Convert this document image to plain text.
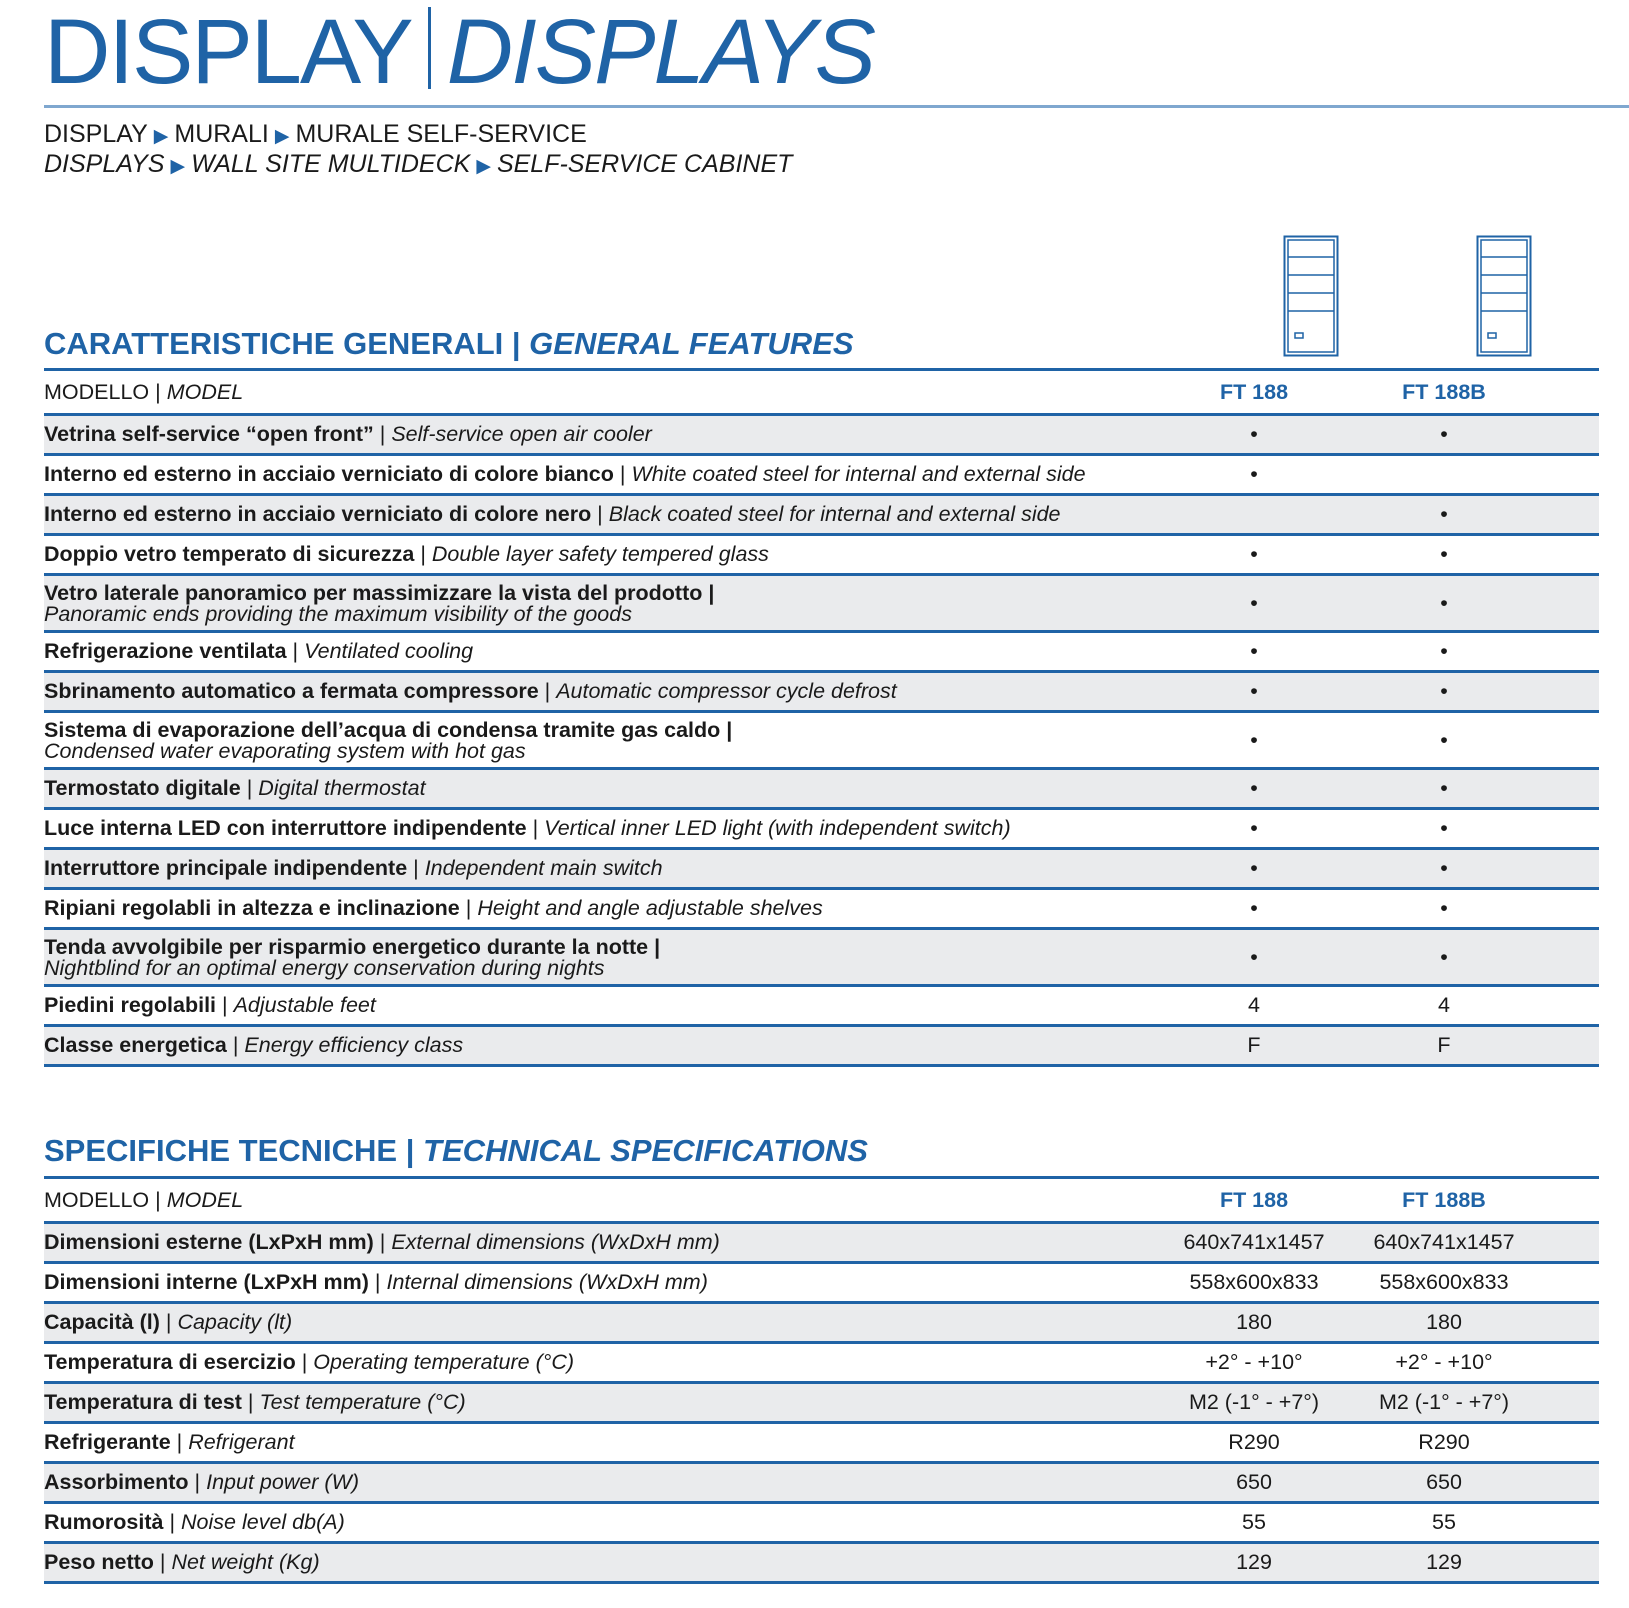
DISPLAY DISPLAYS
DISPLAY ▶ MURALI ▶ MURALE SELF-SERVICE
DISPLAYS ▶ WALL SITE MULTIDECK ▶ SELF-SERVICE CABINET
CARATTERISTICHE GENERALI | GENERAL FEATURES
MODELLO | MODEL	FT 188	FT 188B	
Vetrina self-service “open front” | Self-service open air cooler	•	•	
Interno ed esterno in acciaio verniciato di colore bianco | White coated steel for internal and external side	•		
Interno ed esterno in acciaio verniciato di colore nero | Black coated steel for internal and external side		•	
Doppio vetro temperato di sicurezza | Double layer safety tempered glass	•	•	

Vetro laterale panoramico per massimizzare la vista del prodotto |
Panoramic ends providing the maximum visibility of the goods	•	•	
Refrigerazione ventilata | Ventilated cooling	•	•	
Sbrinamento automatico a fermata compressore | Automatic compressor cycle defrost	•	•	

Sistema di evaporazione dell’acqua di condensa tramite gas caldo |
Condensed water evaporating system with hot gas	•	•	
Termostato digitale | Digital thermostat	•	•	
Luce interna LED con interruttore indipendente | Vertical inner LED light (with independent switch)	•	•	
Interruttore principale indipendente | Independent main switch	•	•	
Ripiani regolabli in altezza e inclinazione | Height and angle adjustable shelves	•	•	

Tenda avvolgibile per risparmio energetico durante la notte |
Nightblind for an optimal energy conservation during nights	•	•	
Piedini regolabili | Adjustable feet	4	4	
Classe energetica | Energy efficiency class	F	F	
SPECIFICHE TECNICHE | TECHNICAL SPECIFICATIONS
MODELLO | MODEL	FT 188	FT 188B	
Dimensioni esterne (LxPxH mm) | External dimensions (WxDxH mm)	640x741x1457	640x741x1457	
Dimensioni interne (LxPxH mm) | Internal dimensions (WxDxH mm)	558x600x833	558x600x833	
Capacità (l) | Capacity (lt)	180	180	
Temperatura di esercizio | Operating temperature (°C)	+2° - +10°	+2° - +10°	
Temperatura di test | Test temperature (°C)	M2 (-1° - +7°)	M2 (-1° - +7°)	
Refrigerante | Refrigerant	R290	R290	
Assorbimento | Input power (W)	650	650	
Rumorosità | Noise level db(A)	55	55	
Peso netto | Net weight (Kg)	129	129	
